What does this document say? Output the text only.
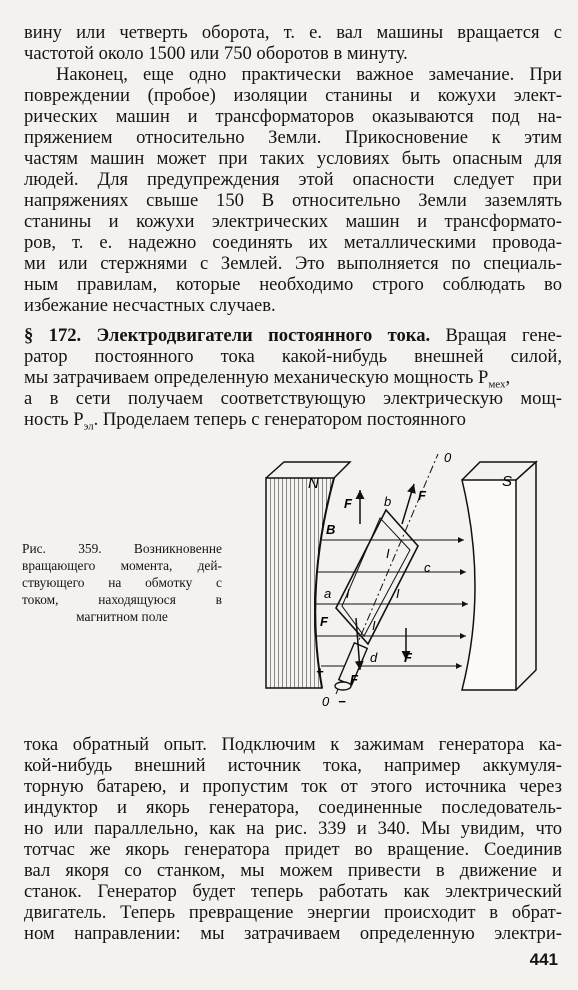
вину или четверть оборота, т. е. вал машины вращается с
частотой около 1500 или 750 оборотов в минуту.
Наконец, еще одно практически важное замечание. При
повреждении (пробое) изоляции станины и кожухи элект-
рических машин и трансформаторов оказываются под на-
пряжением относительно Земли. Прикосновение к этим
частям машин может при таких условиях быть опасным для
людей. Для предупреждения этой опасности следует при
напряжениях свыше 150 В относительно Земли заземлять
станины и кожухи электрических машин и трансформато-
ров, т. е. надежно соединять их металлическими провода-
ми или стержнями с Землей. Это выполняется по специаль-
ным правилам, которые необходимо строго соблюдать во
избежание несчастных случаев.
§ 172. Электродвигатели постоянного тока. Вращая гене-
ратор постоянного тока какой-нибудь внешней силой,
мы затрачиваем определенную механическую мощность $P_{мех}$,
а в сети получаем соответствующую электрическую мощ-
ность $P_{эл}$. Проделаем теперь с генератором постоянного
Рис. 359. Возникновенне
вращающего момента, дей-
ствующего на обмотку с
током, находящуюся в
магнитном поле
N	S
B
0
0
+
−
I
I
I
I
b
c
a
d
F
F
F
F
F
тока обратный опыт. Подключим к зажимам генератора ка-
кой-нибудь внешний источник тока, например аккумуля-
торную батарею, и пропустим ток от этого источника через
индуктор и якорь генератора, соединенные последователь-
но или параллельно, как на рис. 339 и 340. Мы увидим, что
тотчас же якорь генератора придет во вращение. Соединив
вал якоря со станком, мы можем привести в движение и
станок. Генератор будет теперь работать как электрический
двигатель. Теперь превращение энергии происходит в обрат-
ном направлении: мы затрачиваем определенную электри-
441
